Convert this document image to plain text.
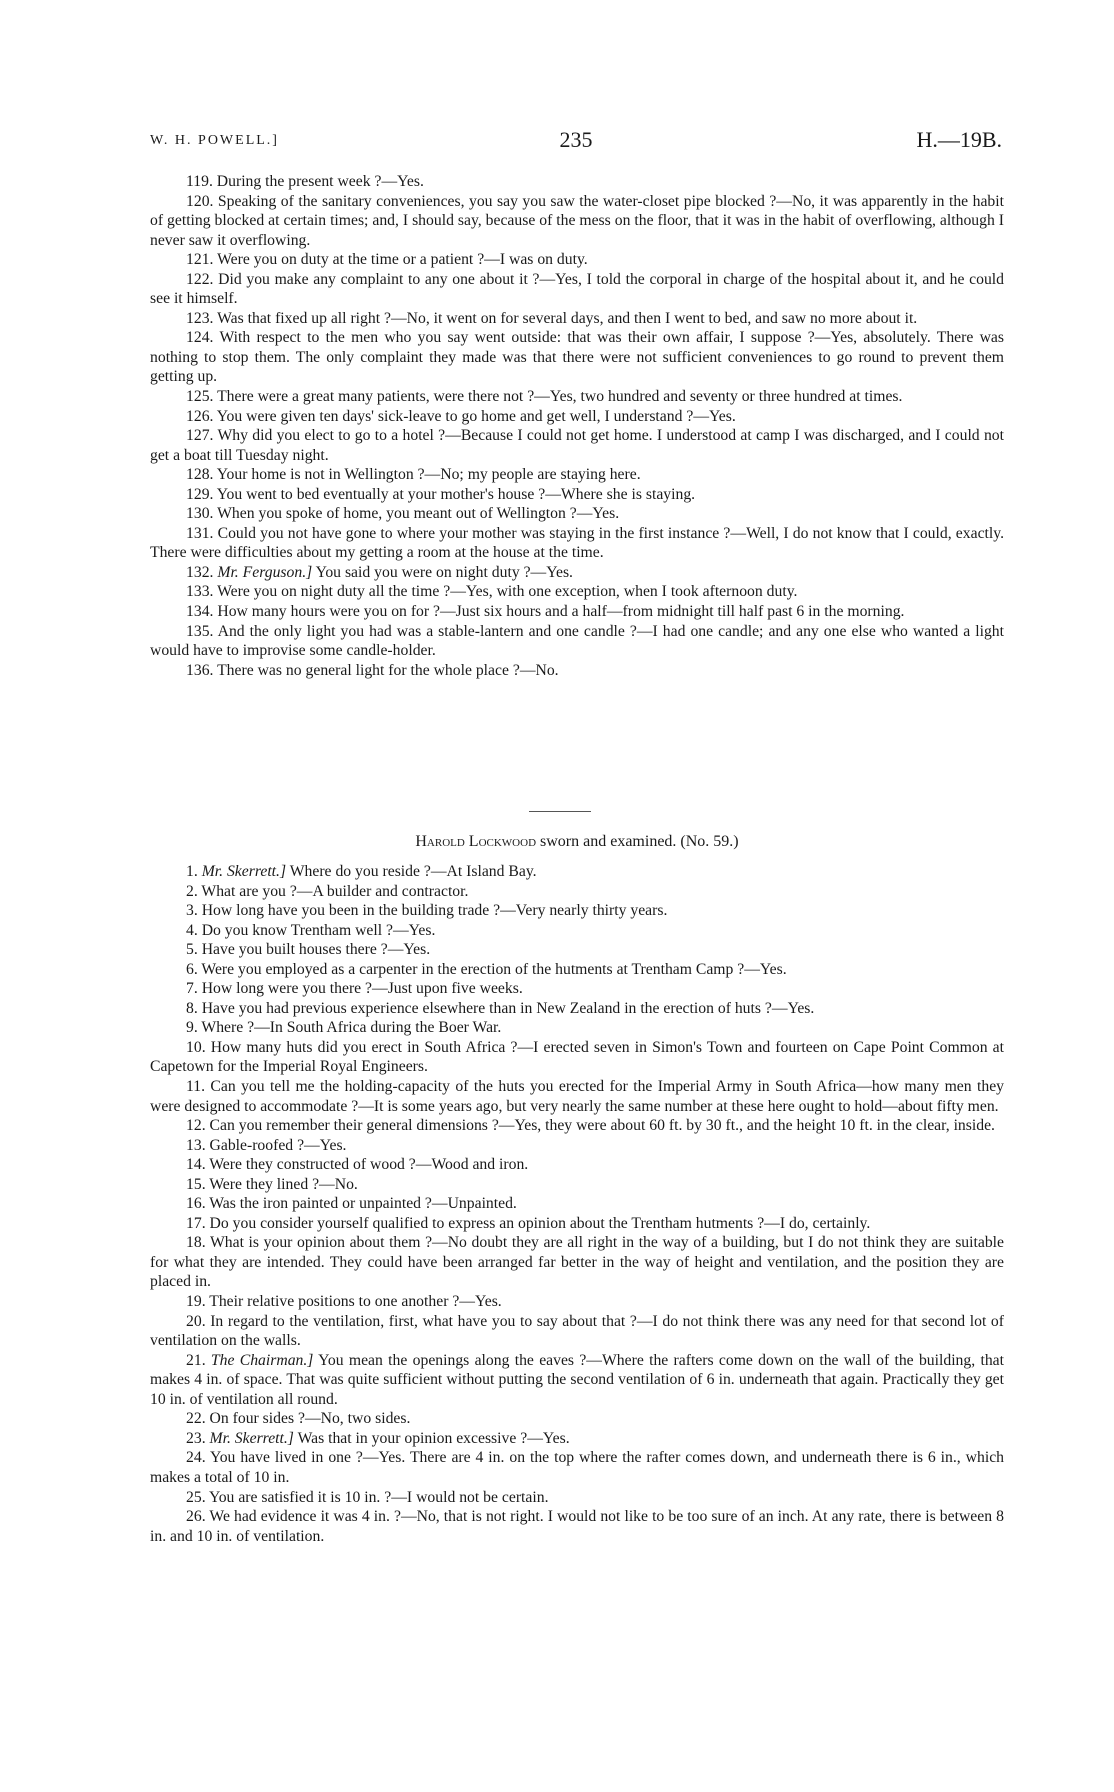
W. H. POWELL.]	235	H.—19B.

119. During the present week ?—Yes.

120. Speaking of the sanitary conveniences, you say you saw the water-closet pipe blocked ?—No, it was apparently in the habit of getting blocked at certain times; and, I should say, because of the mess on the floor, that it was in the habit of overflowing, although I never saw it overflowing.

121. Were you on duty at the time or a patient ?—I was on duty.

122. Did you make any complaint to any one about it ?—Yes, I told the corporal in charge of the hospital about it, and he could see it himself.

123. Was that fixed up all right ?—No, it went on for several days, and then I went to bed, and saw no more about it.

124. With respect to the men who you say went outside: that was their own affair, I suppose ?—Yes, absolutely. There was nothing to stop them. The only complaint they made was that there were not sufficient conveniences to go round to prevent them getting up.

125. There were a great many patients, were there not ?—Yes, two hundred and seventy or three hundred at times.

126. You were given ten days' sick-leave to go home and get well, I understand ?—Yes.

127. Why did you elect to go to a hotel ?—Because I could not get home. I understood at camp I was discharged, and I could not get a boat till Tuesday night.

128. Your home is not in Wellington ?—No; my people are staying here.

129. You went to bed eventually at your mother's house ?—Where she is staying.

130. When you spoke of home, you meant out of Wellington ?—Yes.

131. Could you not have gone to where your mother was staying in the first instance ?—Well, I do not know that I could, exactly. There were difficulties about my getting a room at the house at the time.

132. Mr. Ferguson.] You said you were on night duty ?—Yes.

133. Were you on night duty all the time ?—Yes, with one exception, when I took afternoon duty.

134. How many hours were you on for ?—Just six hours and a half—from midnight till half past 6 in the morning.

135. And the only light you had was a stable-lantern and one candle ?—I had one candle; and any one else who wanted a light would have to improvise some candle-holder.

136. There was no general light for the whole place ?—No.

Harold Lockwood sworn and examined. (No. 59.)

1. Mr. Skerrett.] Where do you reside ?—At Island Bay.

2. What are you ?—A builder and contractor.

3. How long have you been in the building trade ?—Very nearly thirty years.

4. Do you know Trentham well ?—Yes.

5. Have you built houses there ?—Yes.

6. Were you employed as a carpenter in the erection of the hutments at Trentham Camp ?—Yes.

7. How long were you there ?—Just upon five weeks.

8. Have you had previous experience elsewhere than in New Zealand in the erection of huts ?—Yes.

9. Where ?—In South Africa during the Boer War.

10. How many huts did you erect in South Africa ?—I erected seven in Simon's Town and fourteen on Cape Point Common at Capetown for the Imperial Royal Engineers.

11. Can you tell me the holding-capacity of the huts you erected for the Imperial Army in South Africa—how many men they were designed to accommodate ?—It is some years ago, but very nearly the same number at these here ought to hold—about fifty men.

12. Can you remember their general dimensions ?—Yes, they were about 60 ft. by 30 ft., and the height 10 ft. in the clear, inside.

13. Gable-roofed ?—Yes.

14. Were they constructed of wood ?—Wood and iron.

15. Were they lined ?—No.

16. Was the iron painted or unpainted ?—Unpainted.

17. Do you consider yourself qualified to express an opinion about the Trentham hutments ?—I do, certainly.

18. What is your opinion about them ?—No doubt they are all right in the way of a building, but I do not think they are suitable for what they are intended. They could have been arranged far better in the way of height and ventilation, and the position they are placed in.

19. Their relative positions to one another ?—Yes.

20. In regard to the ventilation, first, what have you to say about that ?—I do not think there was any need for that second lot of ventilation on the walls.

21. The Chairman.] You mean the openings along the eaves ?—Where the rafters come down on the wall of the building, that makes 4 in. of space. That was quite sufficient without putting the second ventilation of 6 in. underneath that again. Practically they get 10 in. of ventilation all round.

22. On four sides ?—No, two sides.

23. Mr. Skerrett.] Was that in your opinion excessive ?—Yes.

24. You have lived in one ?—Yes. There are 4 in. on the top where the rafter comes down, and underneath there is 6 in., which makes a total of 10 in.

25. You are satisfied it is 10 in. ?—I would not be certain.

26. We had evidence it was 4 in. ?—No, that is not right. I would not like to be too sure of an inch. At any rate, there is between 8 in. and 10 in. of ventilation.
